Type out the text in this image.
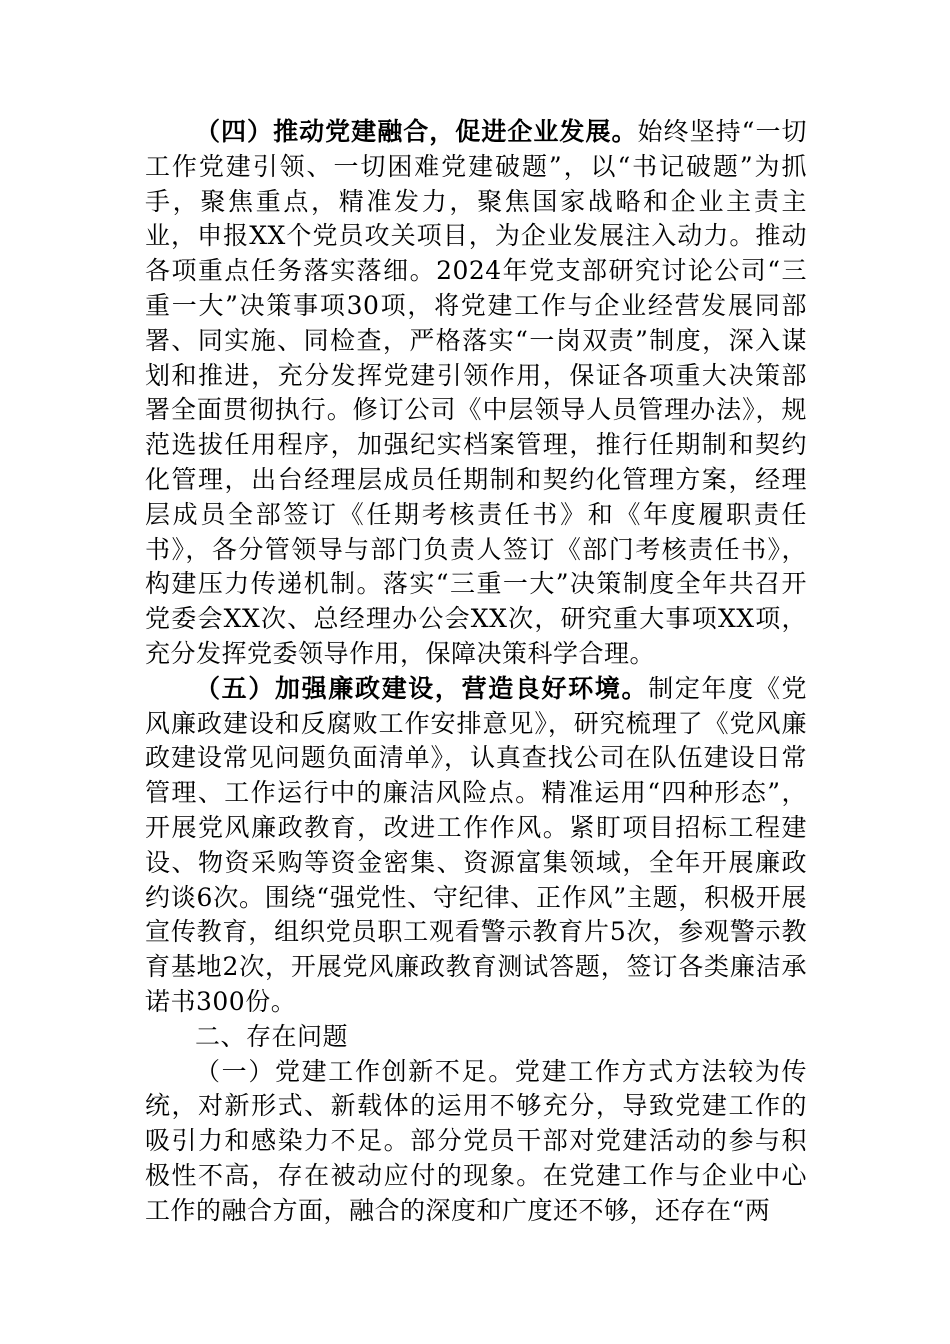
（四）推动党建融合，促进企业发展。始终坚持“一切工作党建引领、一切困难党建破题”，以“书记破题”为抓手，聚焦重点，精准发力，聚焦国家战略和企业主责主业，申报XX个党员攻关项目，为企业发展注入动力。推动各项重点任务落实落细。2024年党支部研究讨论公司“三重一大”决策事项30项，将党建工作与企业经营发展同部署、同实施、同检查，严格落实“一岗双责”制度，深入谋划和推进，充分发挥党建引领作用，保证各项重大决策部署全面贯彻执行。修订公司《中层领导人员管理办法》，规范选拔任用程序，加强纪实档案管理，推行任期制和契约化管理，出台经理层成员任期制和契约化管理方案，经理层成员全部签订《任期考核责任书》和《年度履职责任书》，各分管领导与部门负责人签订《部门考核责任书》，构建压力传递机制。落实“三重一大”决策制度全年共召开党委会XX次、总经理办公会XX次，研究重大事项XX项，充分发挥党委领导作用，保障决策科学合理。

（五）加强廉政建设，营造良好环境。制定年度《党风廉政建设和反腐败工作安排意见》，研究梳理了《党风廉政建设常见问题负面清单》，认真查找公司在队伍建设日常管理、工作运行中的廉洁风险点。精准运用“四种形态”，开展党风廉政教育，改进工作作风。紧盯项目招标工程建设、物资采购等资金密集、资源富集领域，全年开展廉政约谈6次。围绕“强党性、守纪律、正作风”主题，积极开展宣传教育，组织党员职工观看警示教育片5次，参观警示教育基地2次，开展党风廉政教育测试答题，签订各类廉洁承诺书300份。

二、存在问题

（一）党建工作创新不足。党建工作方式方法较为传统，对新形式、新载体的运用不够充分，导致党建工作的吸引力和感染力不足。部分党员干部对党建活动的参与积极性不高，存在被动应付的现象。在党建工作与企业中心工作的融合方面，融合的深度和广度还不够，还存在“两
